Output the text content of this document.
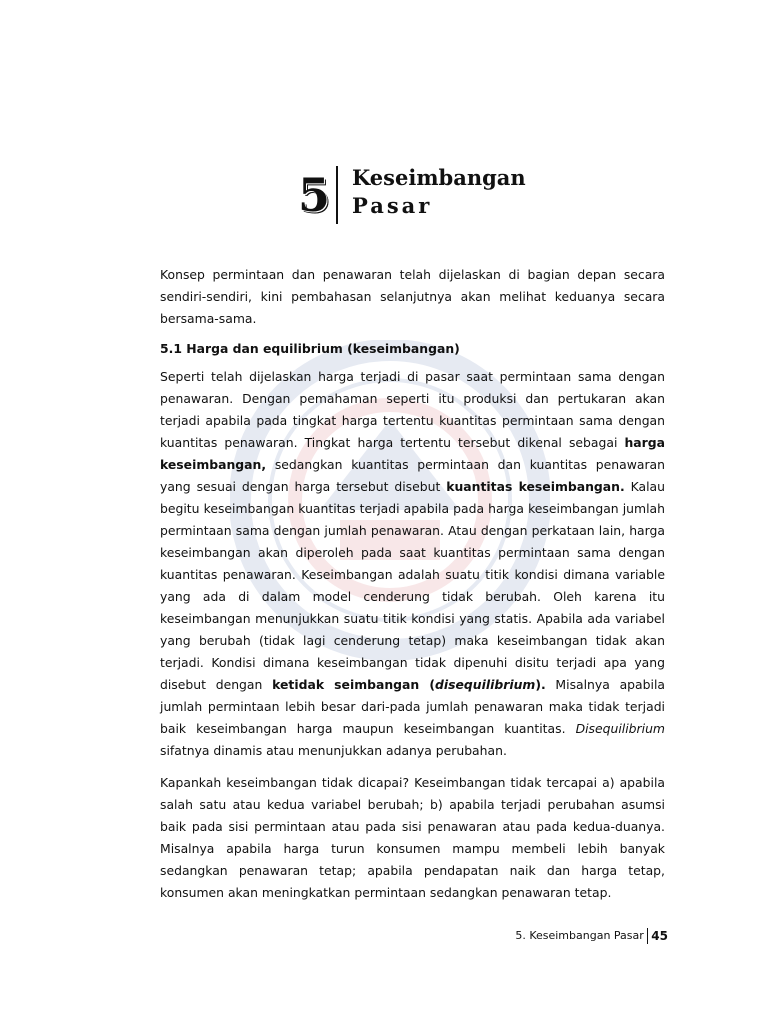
5 Keseimbangan
Pasar

Konsep permintaan dan penawaran telah dijelaskan di bagian depan secara sendiri-sendiri, kini pembahasan selanjutnya akan melihat keduanya secara bersama-sama.

5.1 Harga dan equilibrium (keseimbangan)

Seperti telah dijelaskan harga terjadi di pasar saat permintaan sama dengan penawaran. Dengan pemahaman seperti itu produksi dan pertukaran akan terjadi apabila pada tingkat harga tertentu kuantitas permintaan sama dengan kuantitas penawaran. Tingkat harga tertentu tersebut dikenal sebagai harga keseimbangan, sedangkan kuantitas permintaan dan kuantitas penawaran yang sesuai dengan harga tersebut disebut kuantitas keseimbangan. Kalau begitu keseimbangan kuantitas terjadi apabila pada harga keseimbangan jumlah permintaan sama dengan jumlah penawaran. Atau dengan perkataan lain, harga keseimbangan akan diperoleh pada saat kuantitas permintaan sama dengan kuantitas penawaran. Keseimbangan adalah suatu titik kondisi dimana variable yang ada di dalam model cenderung tidak berubah. Oleh karena itu keseimbangan menunjukkan suatu titik kondisi yang statis. Apabila ada variabel yang berubah (tidak lagi cenderung tetap) maka keseimbangan tidak akan terjadi. Kondisi dimana keseimbangan tidak dipenuhi disitu terjadi apa yang disebut dengan ketidak seimbangan (disequilibrium). Misalnya apabila jumlah permintaan lebih besar dari-pada jumlah penawaran maka tidak terjadi baik keseimbangan harga maupun keseimbangan kuantitas. Disequilibrium sifatnya dinamis atau menunjukkan adanya perubahan.

Kapankah keseimbangan tidak dicapai? Keseimbangan tidak tercapai a) apabila salah satu atau kedua variabel berubah; b) apabila terjadi perubahan asumsi baik pada sisi permintaan atau pada sisi penawaran atau pada kedua-duanya. Misalnya apabila harga turun konsumen mampu membeli lebih banyak sedangkan penawaran tetap; apabila pendapatan naik dan harga tetap, konsumen akan meningkatkan permintaan sedangkan penawaran tetap.

5. Keseimbangan Pasar 45
